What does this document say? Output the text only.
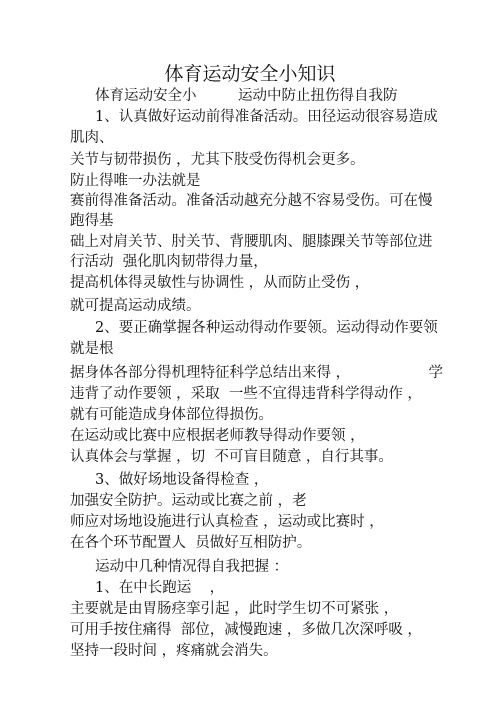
体育运动安全小知识
体育运动安全小         运动中防止扭伤得自我防
1、认真做好运动前得准备活动。田径运动很容易造成
肌肉、
关节与韧带损伤 ，尤其下肢受伤得机会更多。
防止得唯一办法就是
赛前得准备活动。准备活动越充分越不容易受伤。可在慢
跑得基
础上对肩关节、肘关节、背腰肌肉、腿膝踝关节等部位进
行活动  强化肌肉韧带得力量，
提高机体得灵敏性与协调性 ，从而防止受伤 ，
就可提高运动成绩。
2、要正确掌握各种运动得动作要领。运动得动作要领
就是根
据身体各部分得机理特征科学总结出来得 ，                 学
违背了动作要领 ，采取  一些不宜得违背科学得动作 ，
就有可能造成身体部位得损伤。
在运动或比赛中应根据老师教导得动作要领 ，
认真体会与掌握 ，切  不可盲目随意 ，自行其事。
3、做好场地设备得检查 ，
加强安全防护。运动或比赛之前 ，老
师应对场地设施进行认真检查 ，运动或比赛时 ，
在各个环节配置人  员做好互相防护。
运动中几种情况得自我把握 ：
1、在中长跑运    ，
主要就是由胃肠痉挛引起 ，此时学生切不可紧张 ，
可用手按住痛得  部位，减慢跑速 ，多做几次深呼吸 ，
坚持一段时间 ，疼痛就会消失。
